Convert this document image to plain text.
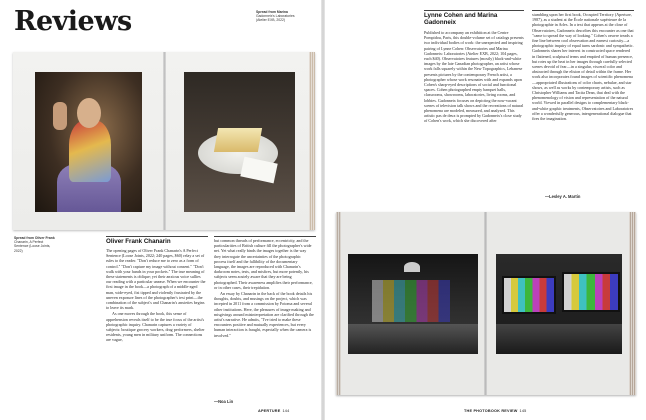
Reviews	Spread from Marina
Gadonneix's Laboratories
(Atelier EXB, 2022)
Spread from Oliver Frank
Chanarin, A Perfect
Sentence (Loose Joints,
2022)
Oliver Frank Chanarin

The opening pages of Oliver Frank Chanarin's A Perfect Sentence (Loose Joints, 2022; 240 pages, $60) relay a set of rules to the reader. "Don't reduce me to zero as a form of control." "Don't capture my image without consent." "Don't walk with your hands in your pockets." The true meaning of these statements is oblique; yet their anxious voice sullies our reading with a particular unease. When we encounter the first image in the book—a photograph of a middle-aged man, wide-eyed, fist tipped and violently frustrated by the uneven exposure lines of the photographer's test print—the combination of the subject's and Chanarin's anxieties begins to leave its mark.

As one moves through the book, this sense of apprehension reveals itself to be the true focus of the artist's photographic inquiry. Chanarin captures a variety of subjects: boutique grocery workers, drag performers, shelter residents, young men in military uniform. The connections are vague,

but common threads of performance, eccentricity, and the particularities of British culture fill the photographer's wide net. Yet what really binds the images together is the way they interrogate the uncertainties of the photographic process itself and the fallibility of the documentary language, the images are reproduced with Chanarin's darkroom notes, tests, and misfires, but more potently, his subjects seem acutely aware that they are being photographed. Their awareness amplifies their performance, or in other cases, their trepidation.

An essay by Chanarin in the back of the book details his thoughts, doubts, and musings on the project, which was incepted in 2011 from a commission by Fotoma and several other institutions. Here, the pleasures of image making and misgivings around misinterpretation are clarified through the artist's narrative. He admits, "I've tried to make these encounters positive and mutually experiences, but every human interaction is fraught, especially when the camera is involved."

—Noa Lin
APERTURE 144
Lynne Cohen and Marina Gadonneix

Published to accompany an exhibition at the Centre Pompidou, Paris, this double-volume set of catalogs presents two individual bodies of work: the unexpected and inspiring pairing of Lynne Cohen: Observatories and Marina Gadonneix: Laboratories (Atelier EXB, 2022; 104 pages, each $40). Observatoires features (mostly) black-and-white images by the late Canadian photographer, an artist whose work falls squarely within the New Topographics, Lebanese presents pictures by the contemporary French artist, a photographer whose work resonates with and expands upon Cohen's sharp-eyed descriptions of social and functional spaces. Cohen photographed empty banquet halls, classrooms, showrooms, laboratories, living rooms, and lobbies. Gadonneix focuses on depicting the now-vacant scenes of television talk shows and the recreations of natural phenomena are modeled, measured, and analyzed. This artistic pas de deux is prompted by Gadonneix's close study of Cohen's work, which she discovered after

stumbling upon her first book, Occupied Territory (Aperture, 1987), as a student at the École nationale supérieure de la photographie in Arles. In a text that appears at the close of Observatoires, Gadonneix describes this encounter as one that "came to spread the way of looking." Cohen's oeuvre treads a fine line between cool observation and earnest curiosity—a photographic inquiry of equal turns sardonic and sympathetic. Gadonneix shares her interest in constructed space rendered in flattened, sculptural terms and emptied of human presence, but rotes up the heat in her images through carefully selected scenes devoid of fear—in a singular, visceral color and abstracted through the elision of detail within the frame. Her work also incorporates found images of scientific phenomena—appropriated illustrations of color charts, nebulae, and star shows, as well as works by contemporary artists, such as Christopher Williams and Tacita Dean, that deal with the phenomenology of vision and representation of the natural world. Viewed in parallel designs to complementary black-and-white graphic treatments, Observatoires and Laboratoires offer a wonderfully generous, intergenerational dialogue that fires the imagination.

—Lesley A. Martin
THE PHOTOBOOK REVIEW 145
